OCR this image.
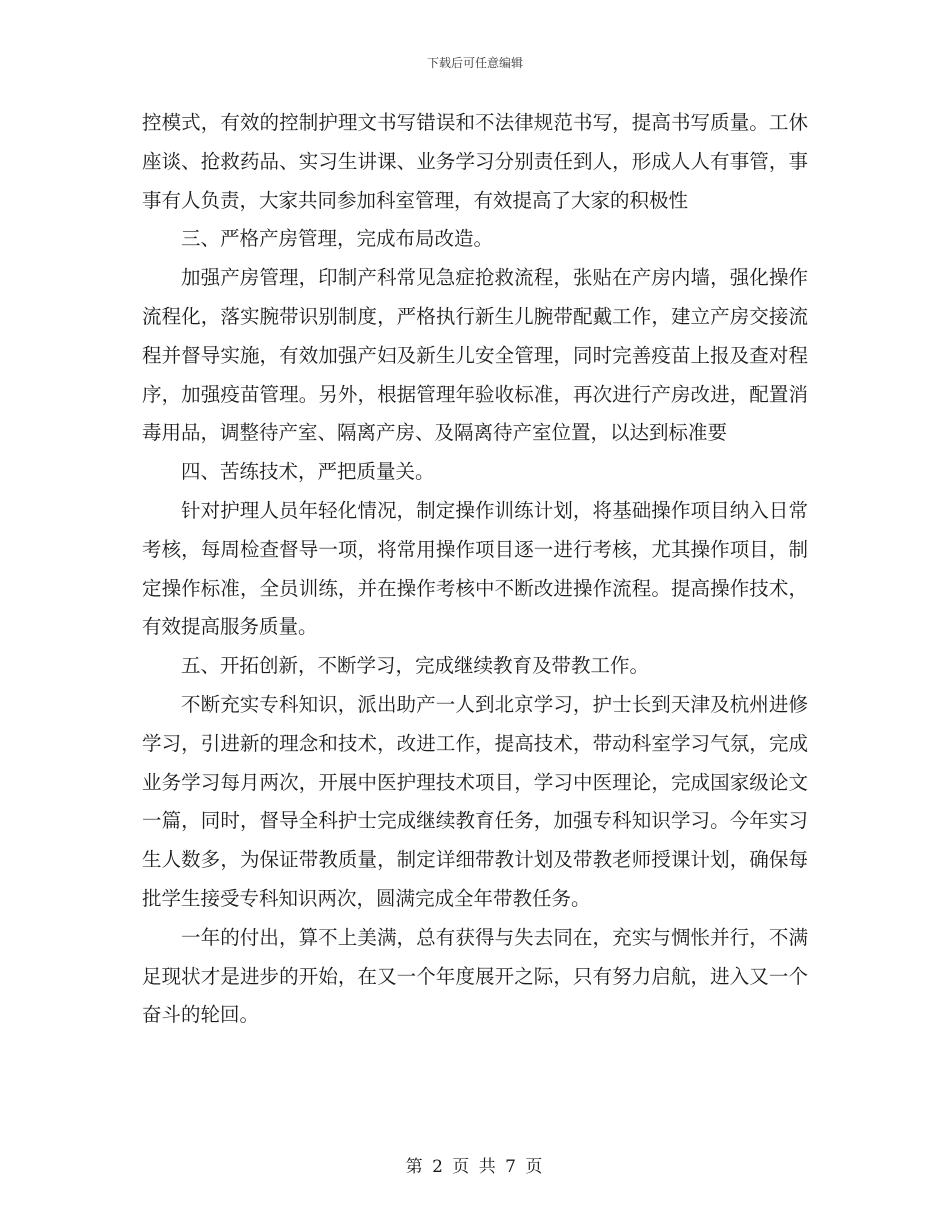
下载后可任意编辑

控模式，有效的控制护理文书写错误和不法律规范书写，提高书写质量。工休座谈、抢救药品、实习生讲课、业务学习分别责任到人，形成人人有事管，事事有人负责，大家共同参加科室管理，有效提高了大家的积极性

三、严格产房管理，完成布局改造。

加强产房管理，印制产科常见急症抢救流程，张贴在产房内墙，强化操作流程化，落实腕带识别制度，严格执行新生儿腕带配戴工作，建立产房交接流程并督导实施，有效加强产妇及新生儿安全管理，同时完善疫苗上报及查对程序，加强疫苗管理。另外，根据管理年验收标准，再次进行产房改进，配置消毒用品，调整待产室、隔离产房、及隔离待产室位置，以达到标准要

四、苦练技术，严把质量关。

针对护理人员年轻化情况，制定操作训练计划，将基础操作项目纳入日常考核，每周检查督导一项，将常用操作项目逐一进行考核，尤其操作项目，制定操作标准，全员训练，并在操作考核中不断改进操作流程。提高操作技术，有效提高服务质量。

五、开拓创新，不断学习，完成继续教育及带教工作。

不断充实专科知识，派出助产一人到北京学习，护士长到天津及杭州进修学习，引进新的理念和技术，改进工作，提高技术，带动科室学习气氛，完成业务学习每月两次，开展中医护理技术项目，学习中医理论，完成国家级论文一篇，同时，督导全科护士完成继续教育任务，加强专科知识学习。今年实习生人数多，为保证带教质量，制定详细带教计划及带教老师授课计划，确保每批学生接受专科知识两次，圆满完成全年带教任务。

一年的付出，算不上美满，总有获得与失去同在，充实与惆怅并行，不满足现状才是进步的开始，在又一个年度展开之际，只有努力启航，进入又一个奋斗的轮回。

第 2 页 共 7 页
